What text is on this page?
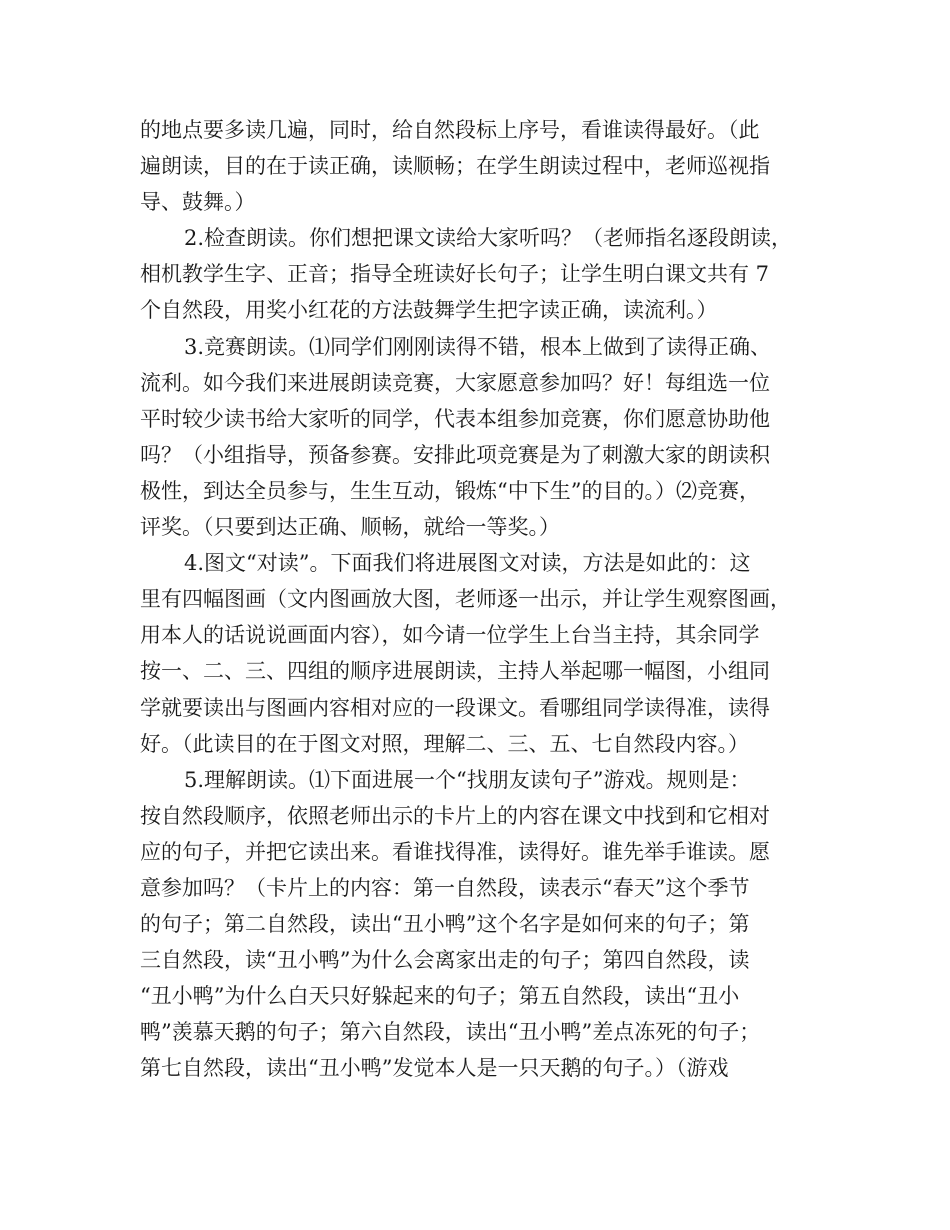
的地点要多读几遍，同时，给自然段标上序号，看谁读得最好。（此
遍朗读，目的在于读正确，读顺畅；在学生朗读过程中，老师巡视指
导、鼓舞。）
2.检查朗读。你们想把课文读给大家听吗？（老师指名逐段朗读，
相机教学生字、正音；指导全班读好长句子；让学生明白课文共有 7
个自然段，用奖小红花的方法鼓舞学生把字读正确，读流利。）
3.竞赛朗读。⑴同学们刚刚读得不错，根本上做到了读得正确、
流利。如今我们来进展朗读竞赛，大家愿意参加吗？好！每组选一位
平时较少读书给大家听的同学，代表本组参加竞赛，你们愿意协助他
吗？（小组指导，预备参赛。安排此项竞赛是为了刺激大家的朗读积
极性，到达全员参与，生生互动，锻炼“中下生”的目的。）⑵竞赛，
评奖。（只要到达正确、顺畅，就给一等奖。）
4.图文“对读”。下面我们将进展图文对读，方法是如此的：这
里有四幅图画（文内图画放大图，老师逐一出示，并让学生观察图画，
用本人的话说说画面内容），如今请一位学生上台当主持，其余同学
按一、二、三、四组的顺序进展朗读，主持人举起哪一幅图，小组同
学就要读出与图画内容相对应的一段课文。看哪组同学读得准，读得
好。（此读目的在于图文对照，理解二、三、五、七自然段内容。）
5.理解朗读。⑴下面进展一个“找朋友读句子”游戏。规则是：
按自然段顺序，依照老师出示的卡片上的内容在课文中找到和它相对
应的句子，并把它读出来。看谁找得准，读得好。谁先举手谁读。愿
意参加吗？（卡片上的内容：第一自然段，读表示“春天”这个季节
的句子；第二自然段，读出“丑小鸭”这个名字是如何来的句子；第
三自然段，读“丑小鸭”为什么会离家出走的句子；第四自然段，读
“丑小鸭”为什么白天只好躲起来的句子；第五自然段，读出“丑小
鸭”羡慕天鹅的句子；第六自然段，读出“丑小鸭”差点冻死的句子；
第七自然段，读出“丑小鸭”发觉本人是一只天鹅的句子。）（游戏
